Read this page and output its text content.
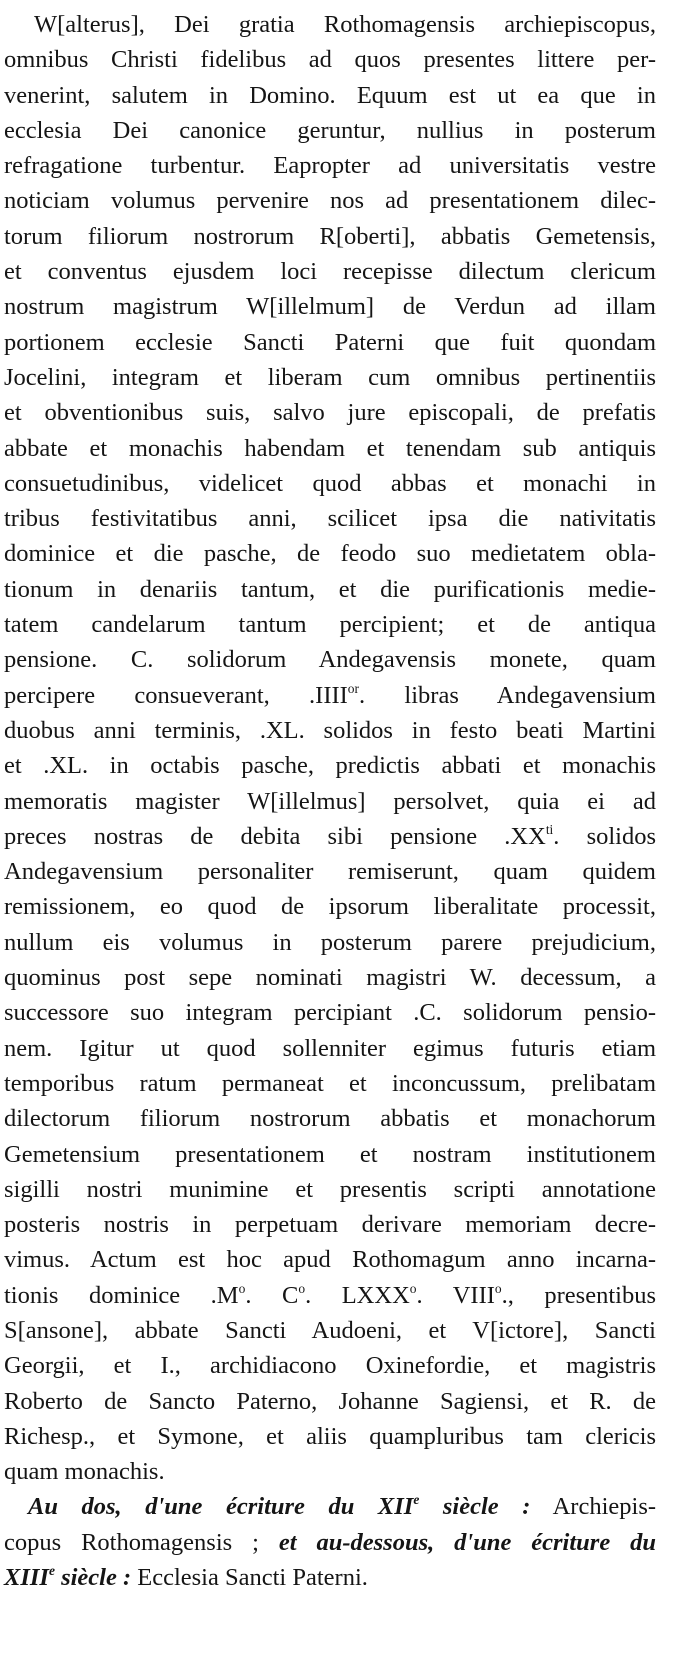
W[alterus], Dei gratia Rothomagensis archiepiscopus,
omnibus Christi fidelibus ad quos presentes littere per-
venerint, salutem in Domino. Equum est ut ea que in
ecclesia Dei canonice geruntur, nullius in posterum
refragatione turbentur. Eapropter ad universitatis vestre
noticiam volumus pervenire nos ad presentationem dilec-
torum filiorum nostrorum R[oberti], abbatis Gemetensis,
et conventus ejusdem loci recepisse dilectum clericum
nostrum magistrum W[illelmum] de Verdun ad illam
portionem ecclesie Sancti Paterni que fuit quondam
Jocelini, integram et liberam cum omnibus pertinentiis
et obventionibus suis, salvo jure episcopali, de prefatis
abbate et monachis habendam et tenendam sub antiquis
consuetudinibus, videlicet quod abbas et monachi in
tribus festivitatibus anni, scilicet ipsa die nativitatis
dominice et die pasche, de feodo suo medietatem obla-
tionum in denariis tantum, et die purificationis medie-
tatem candelarum tantum percipient; et de antiqua
pensione. C. solidorum Andegavensis monete, quam
percipere consueverant, $.IIII^{or}$. libras Andegavensium
duobus anni terminis, .XL. solidos in festo beati Martini
et .XL. in octabis pasche, predictis abbati et monachis
memoratis magister W[illelmus] persolvet, quia ei ad
preces nostras de debita sibi pensione $.XX^{ti}$. solidos
Andegavensium personaliter remiserunt, quam quidem
remissionem, eo quod de ipsorum liberalitate processit,
nullum eis volumus in posterum parere prejudicium,
quominus post sepe nominati magistri W. decessum, a
successore suo integram percipiant .C. solidorum pensio-
nem. Igitur ut quod sollenniter egimus futuris etiam
temporibus ratum permaneat et inconcussum, prelibatam
dilectorum filiorum nostrorum abbatis et monachorum
Gemetensium presentationem et nostram institutionem
sigilli nostri munimine et presentis scripti annotatione
posteris nostris in perpetuam derivare memoriam decre-
vimus. Actum est hoc apud Rothomagum anno incarna-
tionis dominice $.M^o$. $C^o$. LXXX$^o$. VIII$^o$., presentibus
S[ansone], abbate Sancti Audoeni, et V[ictore], Sancti
Georgii, et I., archidiacono Oxinefordie, et magistris
Roberto de Sancto Paterno, Johanne Sagiensi, et R. de
Richesp., et Symone, et aliis quampluribus tam clericis
quam monachis.

Au dos, d'une écriture du XIIe siècle : Archiepis-
copus Rothomagensis ; et au-dessous, d'une écriture du
XIIIe siècle : Ecclesia Sancti Paterni.
